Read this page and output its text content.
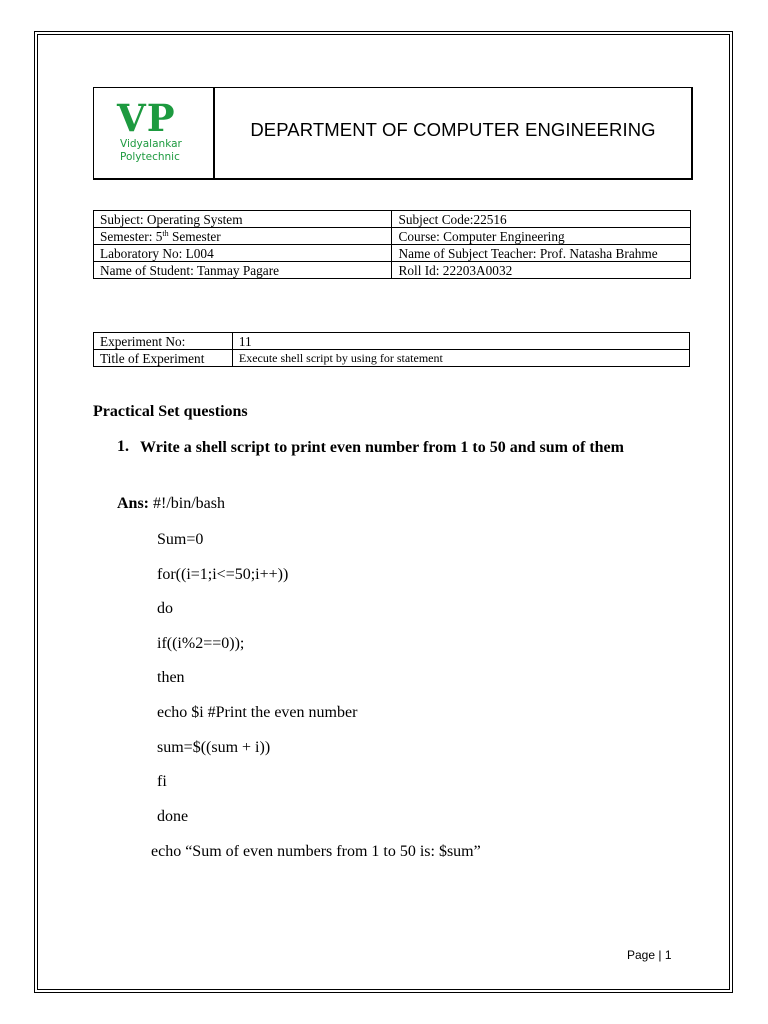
VP
Vidyalankar
Polytechnic
DEPARTMENT OF COMPUTER ENGINEERING
Subject: Operating System	Subject Code:22516
Semester: 5th Semester	Course: Computer Engineering
Laboratory No: L004	Name of Subject Teacher: Prof. Natasha Brahme
Name of Student: Tanmay Pagare	Roll Id: 22203A0032
Experiment No:	11
Title of Experiment	Execute shell script by using for statement
Practical Set questions
1. Write a shell script to print even number from 1 to 50 and sum of them
Ans: #!/bin/bash
Sum=0
for((i=1;i<=50;i++))
do
if((i%2==0));
then
echo $i #Print the even number
sum=$((sum + i))
fi
done
echo “Sum of even numbers from 1 to 50 is: $sum”
Page | 1
